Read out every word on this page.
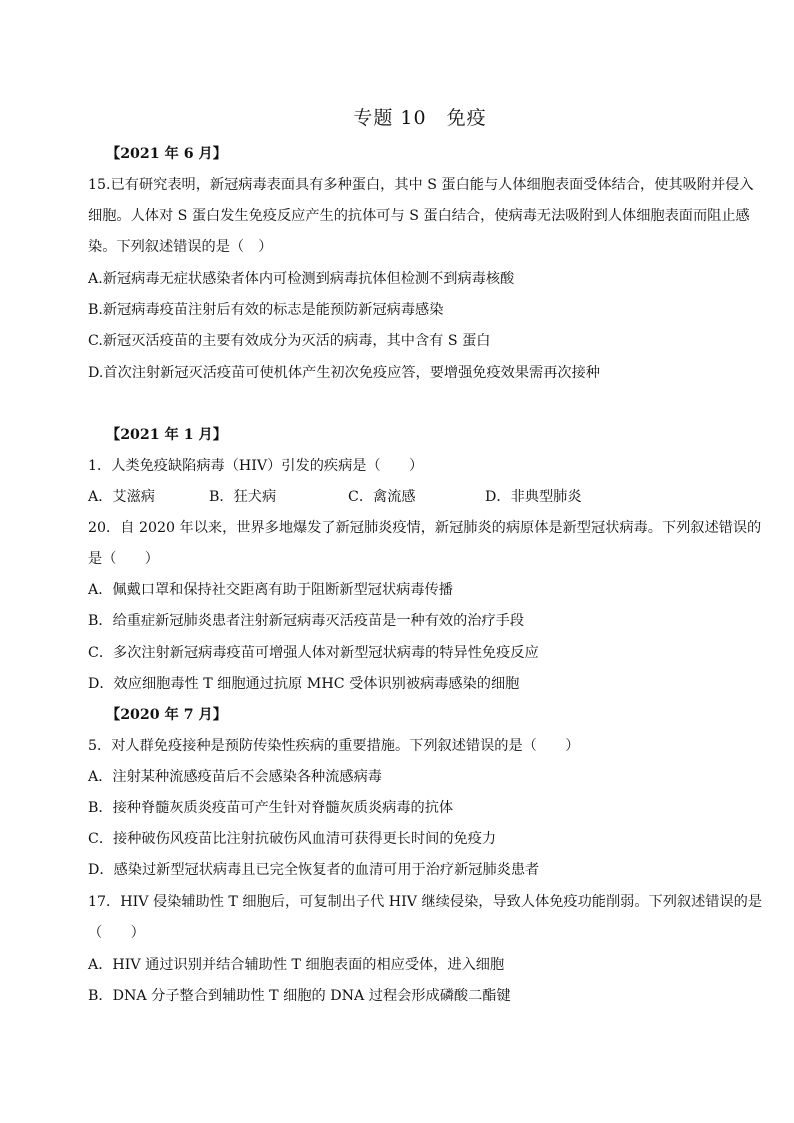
专题 10　免疫
【2021 年 6 月】
15.已有研究表明，新冠病毒表面具有多种蛋白，其中 S 蛋白能与人体细胞表面受体结合，使其吸附并侵入
细胞。人体对 S 蛋白发生免疫反应产生的抗体可与 S 蛋白结合，使病毒无法吸附到人体细胞表面而阻止感
染。下列叙述错误的是（　）
A.新冠病毒无症状感染者体内可检测到病毒抗体但检测不到病毒核酸
B.新冠病毒疫苗注射后有效的标志是能预防新冠病毒感染
C.新冠灭活疫苗的主要有效成分为灭活的病毒，其中含有 S 蛋白
D.首次注射新冠灭活疫苗可使机体产生初次免疫应答，要增强免疫效果需再次接种
【2021 年 1 月】
1．人类免疫缺陷病毒（HIV）引发的疾病是（　　）
A．艾滋病	B．狂犬病	C．禽流感	D．非典型肺炎
20．自 2020 年以来，世界多地爆发了新冠肺炎疫情，新冠肺炎的病原体是新型冠状病毒。下列叙述错误的
是（　　）
A．佩戴口罩和保持社交距离有助于阻断新型冠状病毒传播
B．给重症新冠肺炎患者注射新冠病毒灭活疫苗是一种有效的治疗手段
C．多次注射新冠病毒疫苗可增强人体对新型冠状病毒的特异性免疫反应
D．效应细胞毒性 T 细胞通过抗原 MHC 受体识别被病毒感染的细胞
【2020 年 7 月】
5．对人群免疫接种是预防传染性疾病的重要措施。下列叙述错误的是（　　）
A．注射某种流感疫苗后不会感染各种流感病毒
B．接种脊髓灰质炎疫苗可产生针对脊髓灰质炎病毒的抗体
C．接种破伤风疫苗比注射抗破伤风血清可获得更长时间的免疫力
D．感染过新型冠状病毒且已完全恢复者的血清可用于治疗新冠肺炎患者
17．HIV 侵染辅助性 T 细胞后，可复制出子代 HIV 继续侵染，导致人体免疫功能削弱。下列叙述错误的是
（　　）
A．HIV 通过识别并结合辅助性 T 细胞表面的相应受体，进入细胞
B．DNA 分子整合到辅助性 T 细胞的 DNA 过程会形成磷酸二酯键
